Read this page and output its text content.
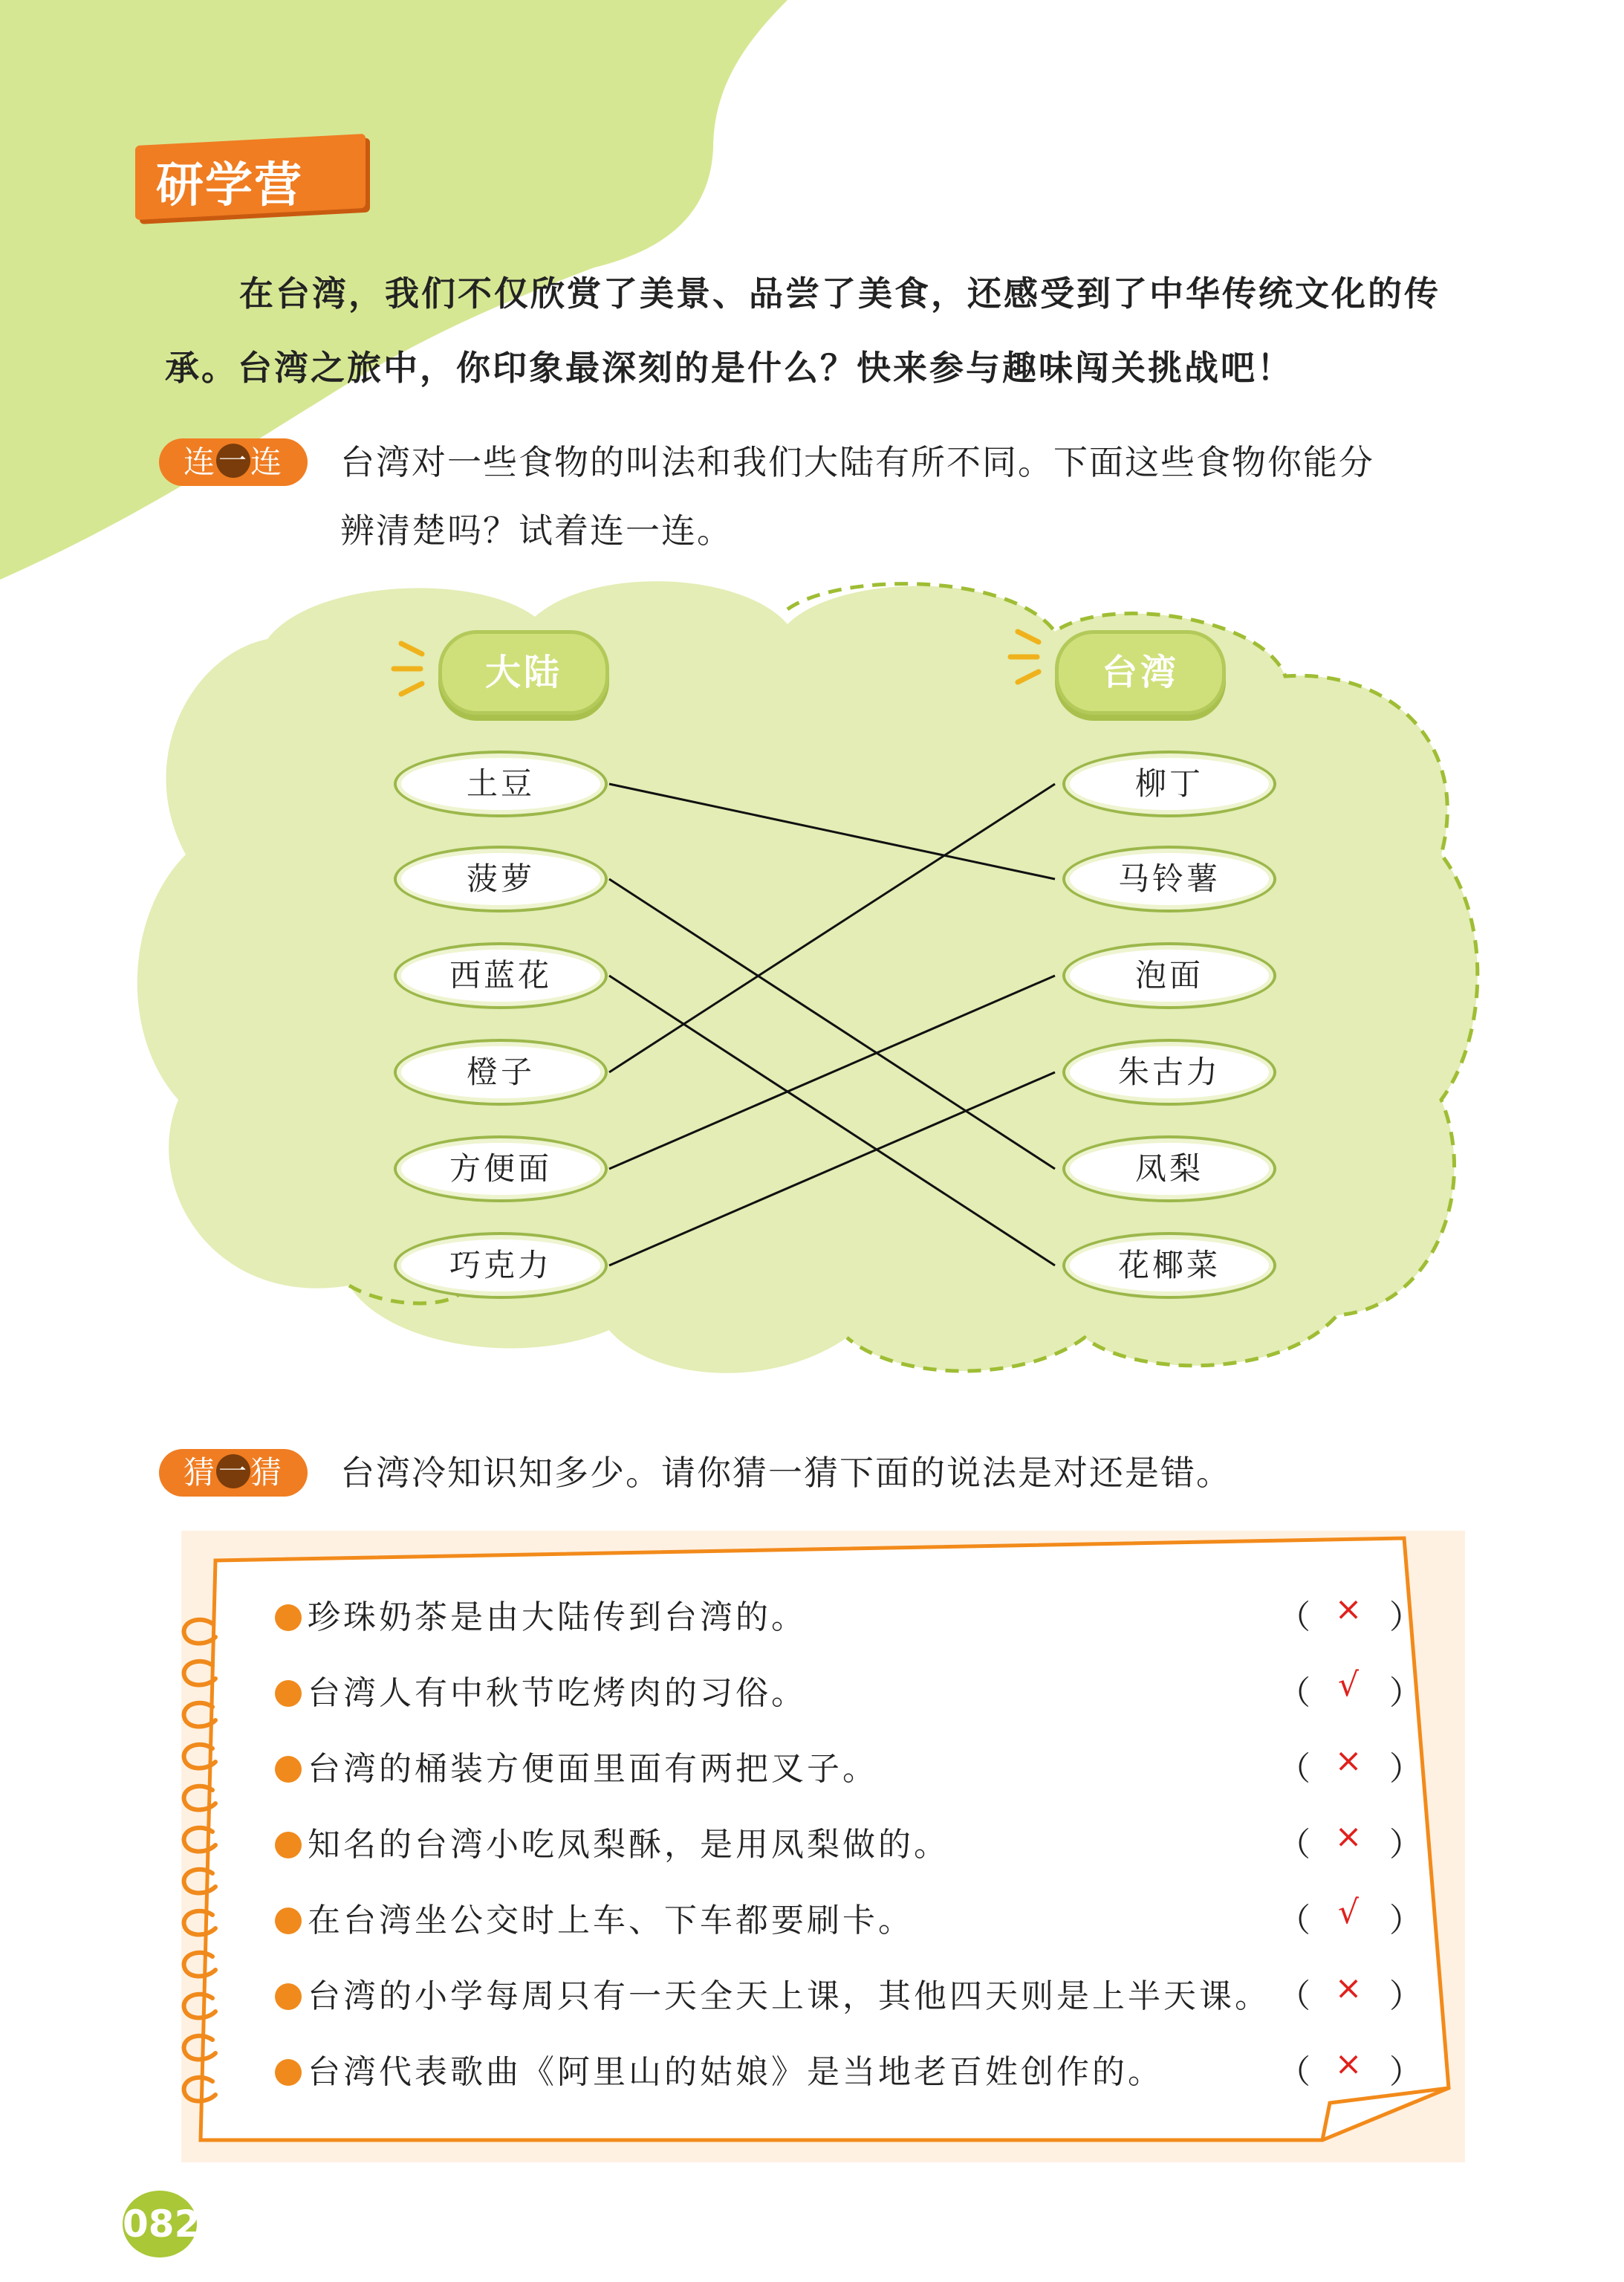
研学营
在台湾，我们不仅欣赏了美景、品尝了美食，还感受到了中华传统文化的传承。台湾之旅中，你印象最深刻的是什么？快来参与趣味闯关挑战吧！
连一连	台湾对一些食物的叫法和我们大陆有所不同。下面这些食物你能分
辨清楚吗？试着连一连。
大陆	台湾
土豆
菠萝
西蓝花
橙子
方便面
巧克力
柳丁
马铃薯
泡面
朱古力
凤梨
花椰菜
猜一猜	台湾冷知识知多少。请你猜一猜下面的说法是对还是错。
珍珠奶茶是由大陆传到台湾的。	（ × ）
台湾人有中秋节吃烤肉的习俗。	（ √ ）
台湾的桶装方便面里面有两把叉子。	（ × ）
知名的台湾小吃凤梨酥，是用凤梨做的。	（ × ）
在台湾坐公交时上车、下车都要刷卡。	（ √ ）
台湾的小学每周只有一天全天上课，其他四天则是上半天课。 （ × ）
台湾代表歌曲《阿里山的姑娘》是当地老百姓创作的。	（ × ）
082
